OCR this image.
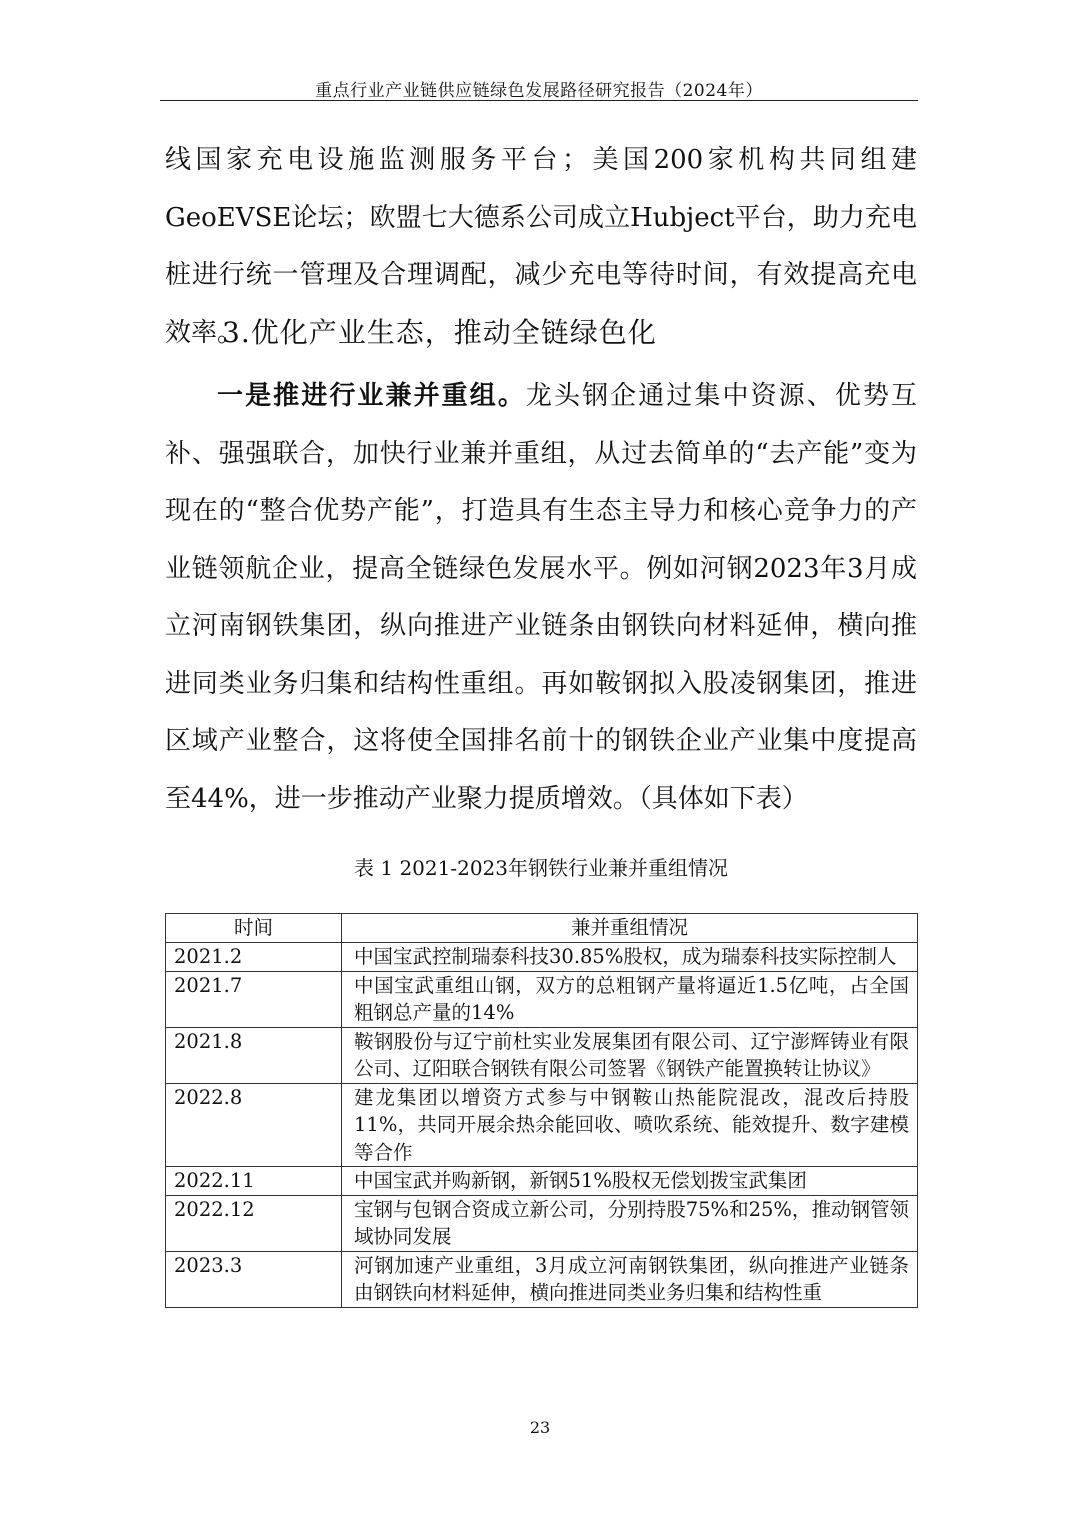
重点行业产业链供应链绿色发展路径研究报告（2024年）

线国家充电设施监测服务平台；美国200家机构共同组建GeoEVSE论坛；欧盟七大德系公司成立Hubject平台，助力充电桩进行统一管理及合理调配，减少充电等待时间，有效提高充电效率。

3.优化产业生态，推动全链绿色化

一是推进行业兼并重组。龙头钢企通过集中资源、优势互补、强强联合，加快行业兼并重组，从过去简单的“去产能”变为现在的“整合优势产能”，打造具有生态主导力和核心竞争力的产业链领航企业，提高全链绿色发展水平。例如河钢2023年3月成立河南钢铁集团，纵向推进产业链条由钢铁向材料延伸，横向推进同类业务归集和结构性重组。再如鞍钢拟入股凌钢集团，推进区域产业整合，这将使全国排名前十的钢铁企业产业集中度提高至44%，进一步推动产业聚力提质增效。（具体如下表）

表 1 2021-2023年钢铁行业兼并重组情况
时间	兼并重组情况
2021.2	中国宝武控制瑞泰科技30.85%股权，成为瑞泰科技实际控制人
2021.7	中国宝武重组山钢，双方的总粗钢产量将逼近1.5亿吨，占全国粗钢总产量的14%
2021.8	鞍钢股份与辽宁前杜实业发展集团有限公司、辽宁澎辉铸业有限公司、辽阳联合钢铁有限公司签署《钢铁产能置换转让协议》
2022.8	建龙集团以增资方式参与中钢鞍山热能院混改，混改后持股11%，共同开展余热余能回收、喷吹系统、能效提升、数字建模等合作
2022.11	中国宝武并购新钢，新钢51%股权无偿划拨宝武集团
2022.12	宝钢与包钢合资成立新公司，分别持股75%和25%，推动钢管领域协同发展
2023.3	河钢加速产业重组，3月成立河南钢铁集团，纵向推进产业链条由钢铁向材料延伸，横向推进同类业务归集和结构性重
23
